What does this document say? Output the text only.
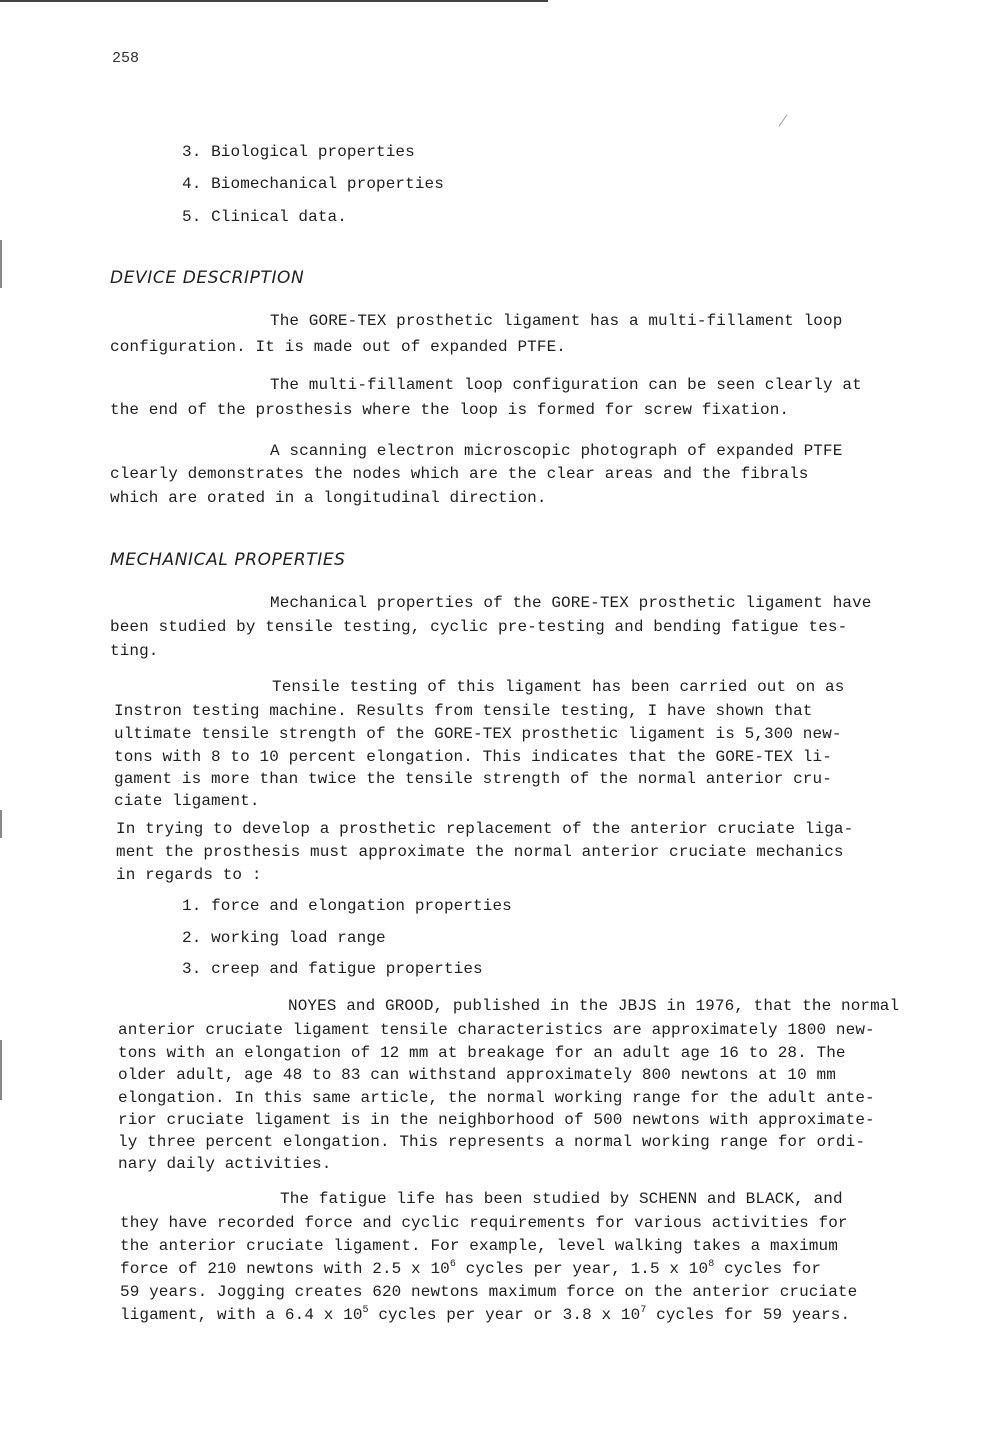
258
3. Biological properties
4. Biomechanical properties
5. Clinical data.
DEVICE DESCRIPTION
The GORE-TEX prosthetic ligament has a multi-fillament loop
configuration. It is made out of expanded PTFE.
The multi-fillament loop configuration can be seen clearly at
the end of the prosthesis where the loop is formed for screw fixation.
A scanning electron microscopic photograph of expanded PTFE
clearly demonstrates the nodes which are the clear areas and the fibrals
which are orated in a longitudinal direction.
MECHANICAL PROPERTIES
Mechanical properties of the GORE-TEX prosthetic ligament have
been studied by tensile testing, cyclic pre-testing and bending fatigue tes-
ting.
Tensile testing of this ligament has been carried out on as
Instron testing machine. Results from tensile testing, I have shown that
ultimate tensile strength of the GORE-TEX prosthetic ligament is 5,300 new-
tons with 8 to 10 percent elongation. This indicates that the GORE-TEX li-
gament is more than twice the tensile strength of the normal anterior cru-
ciate ligament.
In trying to develop a prosthetic replacement of the anterior cruciate liga-
ment the prosthesis must approximate the normal anterior cruciate mechanics
in regards to :
1. force and elongation properties
2. working load range
3. creep and fatigue properties
NOYES and GROOD, published in the JBJS in 1976, that the normal
anterior cruciate ligament tensile characteristics are approximately 1800 new-
tons with an elongation of 12 mm at breakage for an adult age 16 to 28. The
older adult, age 48 to 83 can withstand approximately 800 newtons at 10 mm
elongation. In this same article, the normal working range for the adult ante-
rior cruciate ligament is in the neighborhood of 500 newtons with approximate-
ly three percent elongation. This represents a normal working range for ordi-
nary daily activities.
The fatigue life has been studied by SCHENN and BLACK, and
they have recorded force and cyclic requirements for various activities for
the anterior cruciate ligament. For example, level walking takes a maximum
force of 210 newtons with 2.5 x $10^6$ cycles per year, 1.5 x $10^8$ cycles for
59 years. Jogging creates 620 newtons maximum force on the anterior cruciate
ligament, with a 6.4 x $10^5$ cycles per year or 3.8 x $10^7$ cycles for 59 years.
